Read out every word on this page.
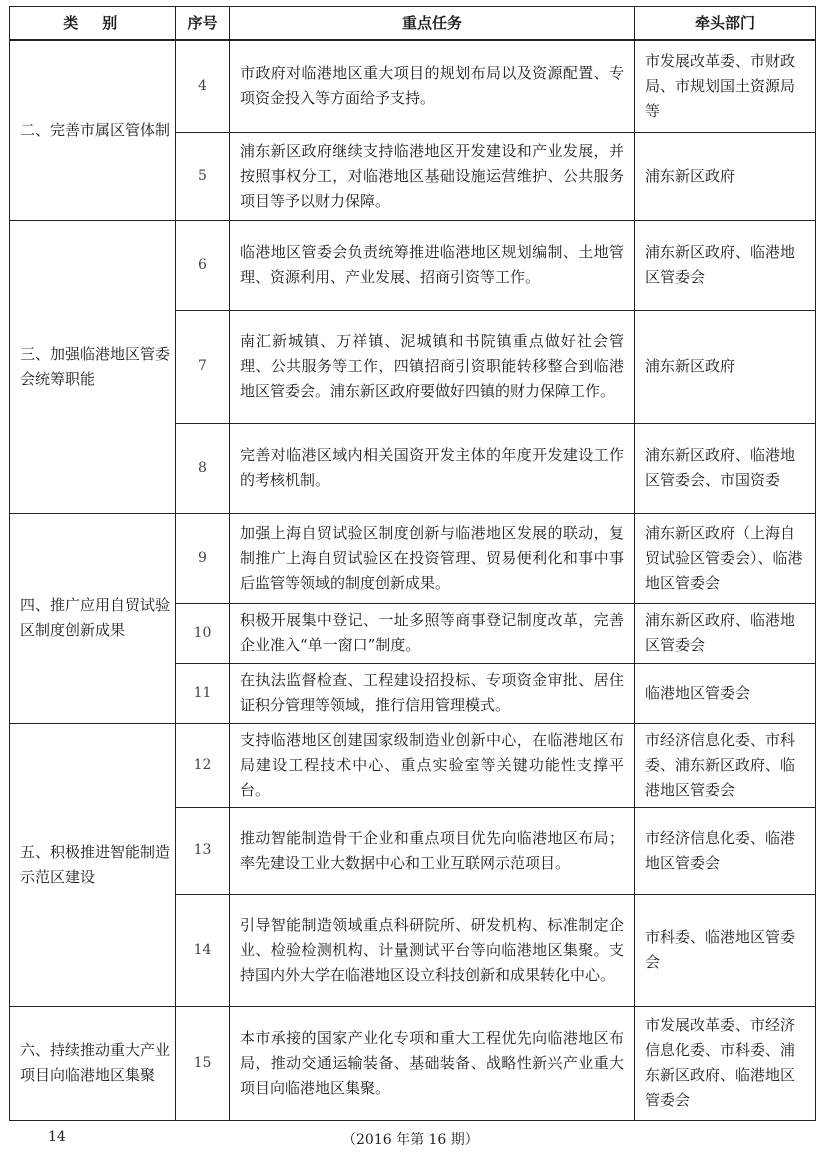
类　别	序号	重点任务	牵头部门
二、完善市属区管体制	4	市政府对临港地区重大项目的规划布局以及资源配置、专项资金投入等方面给予支持。	市发展改革委、市财政局、市规划国土资源局等
	5	浦东新区政府继续支持临港地区开发建设和产业发展，并按照事权分工，对临港地区基础设施运营维护、公共服务项目等予以财力保障。	浦东新区政府
三、加强临港地区管委会统筹职能	6	临港地区管委会负责统筹推进临港地区规划编制、土地管理、资源利用、产业发展、招商引资等工作。	浦东新区政府、临港地区管委会
	7	南汇新城镇、万祥镇、泥城镇和书院镇重点做好社会管理、公共服务等工作，四镇招商引资职能转移整合到临港地区管委会。浦东新区政府要做好四镇的财力保障工作。	浦东新区政府
	8	完善对临港区域内相关国资开发主体的年度开发建设工作的考核机制。	浦东新区政府、临港地区管委会、市国资委
四、推广应用自贸试验区制度创新成果	9	加强上海自贸试验区制度创新与临港地区发展的联动，复制推广上海自贸试验区在投资管理、贸易便利化和事中事后监管等领域的制度创新成果。	浦东新区政府（上海自贸试验区管委会）、临港地区管委会
	10	积极开展集中登记、一址多照等商事登记制度改革，完善企业准入“单一窗口”制度。	浦东新区政府、临港地区管委会
	11	在执法监督检查、工程建设招投标、专项资金审批、居住证积分管理等领域，推行信用管理模式。	临港地区管委会
五、积极推进智能制造示范区建设	12	支持临港地区创建国家级制造业创新中心，在临港地区布局建设工程技术中心、重点实验室等关键功能性支撑平台。	市经济信息化委、市科委、浦东新区政府、临港地区管委会
	13	推动智能制造骨干企业和重点项目优先向临港地区布局；率先建设工业大数据中心和工业互联网示范项目。	市经济信息化委、临港地区管委会
	14	引导智能制造领域重点科研院所、研发机构、标准制定企业、检验检测机构、计量测试平台等向临港地区集聚。支持国内外大学在临港地区设立科技创新和成果转化中心。	市科委、临港地区管委会
六、持续推动重大产业项目向临港地区集聚	15	本市承接的国家产业化专项和重大工程优先向临港地区布局，推动交通运输装备、基础装备、战略性新兴产业重大项目向临港地区集聚。	市发展改革委、市经济信息化委、市科委、浦东新区政府、临港地区管委会
14	（2016 年第 16 期）
